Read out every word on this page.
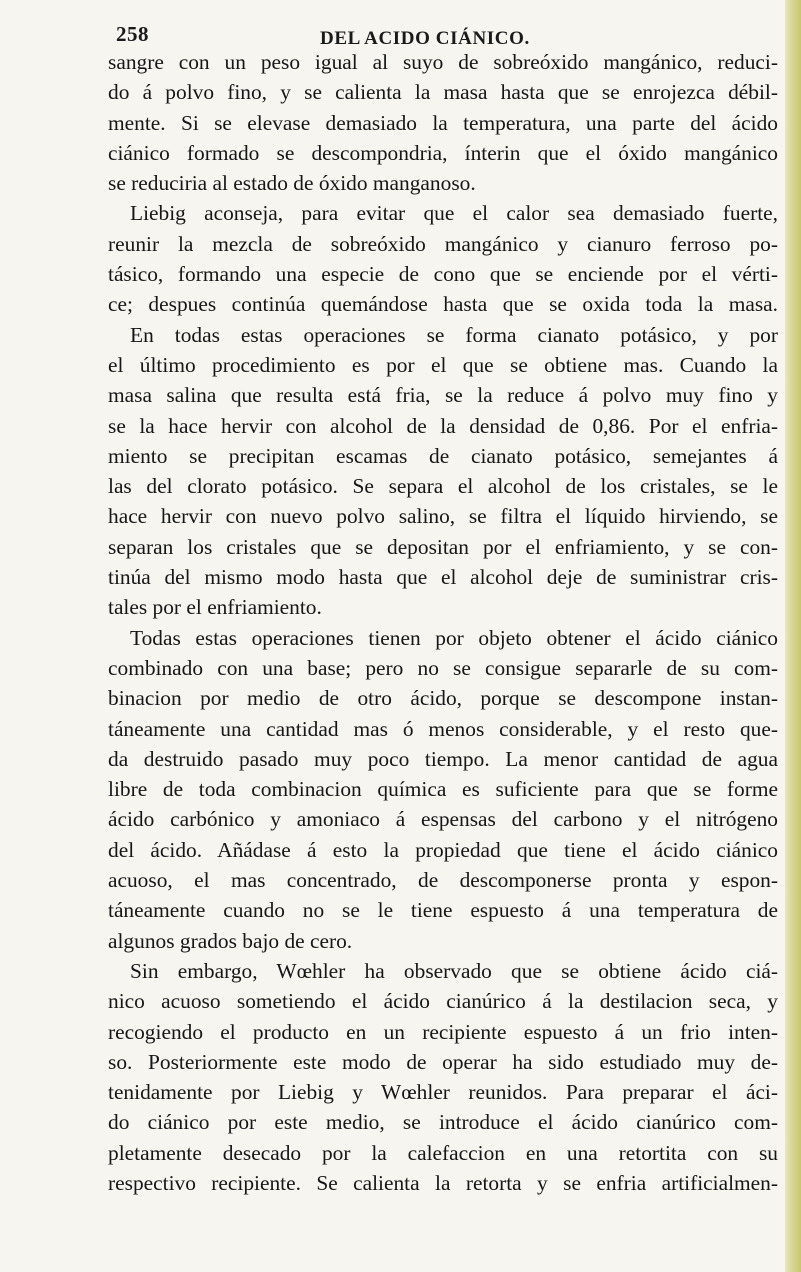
258	DEL ACIDO CIÁNICO.
sangre con un peso igual al suyo de sobreóxido mangánico, reduci-
do á polvo fino, y se calienta la masa hasta que se enrojezca débil-
mente. Si se elevase demasiado la temperatura, una parte del ácido
ciánico formado se descompondria, ínterin que el óxido mangánico
se reduciria al estado de óxido manganoso.
Liebig aconseja, para evitar que el calor sea demasiado fuerte,
reunir la mezcla de sobreóxido mangánico y cianuro ferroso po-
tásico, formando una especie de cono que se enciende por el vérti-
ce; despues continúa quemándose hasta que se oxida toda la masa.
En todas estas operaciones se forma cianato potásico, y por
el último procedimiento es por el que se obtiene mas. Cuando la
masa salina que resulta está fria, se la reduce á polvo muy fino y
se la hace hervir con alcohol de la densidad de 0,86. Por el enfria-
miento se precipitan escamas de cianato potásico, semejantes á
las del clorato potásico. Se separa el alcohol de los cristales, se le
hace hervir con nuevo polvo salino, se filtra el líquido hirviendo, se
separan los cristales que se depositan por el enfriamiento, y se con-
tinúa del mismo modo hasta que el alcohol deje de suministrar cris-
tales por el enfriamiento.
Todas estas operaciones tienen por objeto obtener el ácido ciánico
combinado con una base; pero no se consigue separarle de su com-
binacion por medio de otro ácido, porque se descompone instan-
táneamente una cantidad mas ó menos considerable, y el resto que-
da destruido pasado muy poco tiempo. La menor cantidad de agua
libre de toda combinacion química es suficiente para que se forme
ácido carbónico y amoniaco á espensas del carbono y el nitrógeno
del ácido. Añádase á esto la propiedad que tiene el ácido ciánico
acuoso, el mas concentrado, de descomponerse pronta y espon-
táneamente cuando no se le tiene espuesto á una temperatura de
algunos grados bajo de cero.
Sin embargo, Wœhler ha observado que se obtiene ácido ciá-
nico acuoso sometiendo el ácido cianúrico á la destilacion seca, y
recogiendo el producto en un recipiente espuesto á un frio inten-
so. Posteriormente este modo de operar ha sido estudiado muy de-
tenidamente por Liebig y Wœhler reunidos. Para preparar el áci-
do ciánico por este medio, se introduce el ácido cianúrico com-
pletamente desecado por la calefaccion en una retortita con su
respectivo recipiente. Se calienta la retorta y se enfria artificialmen-
